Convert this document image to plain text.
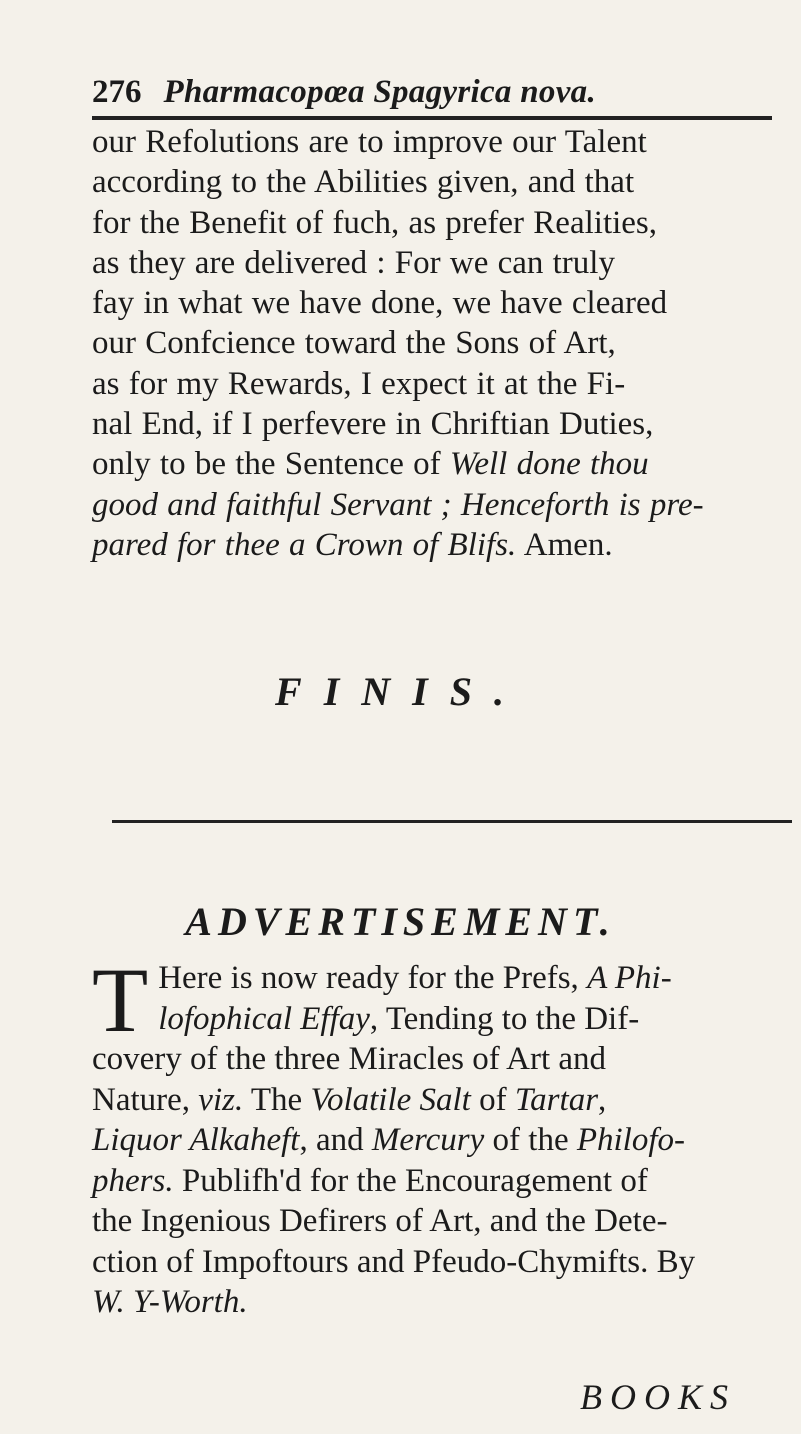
276 Pharmacopœa Spagyrica nova.
our Refolutions are to improve our Talent
according to the Abilities given, and that
for the Benefit of fuch, as prefer Realities,
as they are delivered : For we can truly
fay in what we have done, we have cleared
our Confcience toward the Sons of Art,
as for my Rewards, I expect it at the Fi-
nal End, if I perfevere in Chriftian Duties,
only to be the Sentence of Well done thou
good and faithful Servant ; Henceforth is pre-
pared for thee a Crown of Blifs. Amen.
FINIS.
ADVERTISEMENT.
T Here is now ready for the Prefs, A Phi-
lofophical Effay, Tending to the Dif-
covery of the three Miracles of Art and
Nature, viz. The Volatile Salt of Tartar,
Liquor Alkaheft, and Mercury of the Philofo-
phers. Publifh'd for the Encouragement of
the Ingenious Defirers of Art, and the Dete-
ction of Impoftours and Pfeudo-Chymifts. By
W. Y-Worth.
BOOKS
